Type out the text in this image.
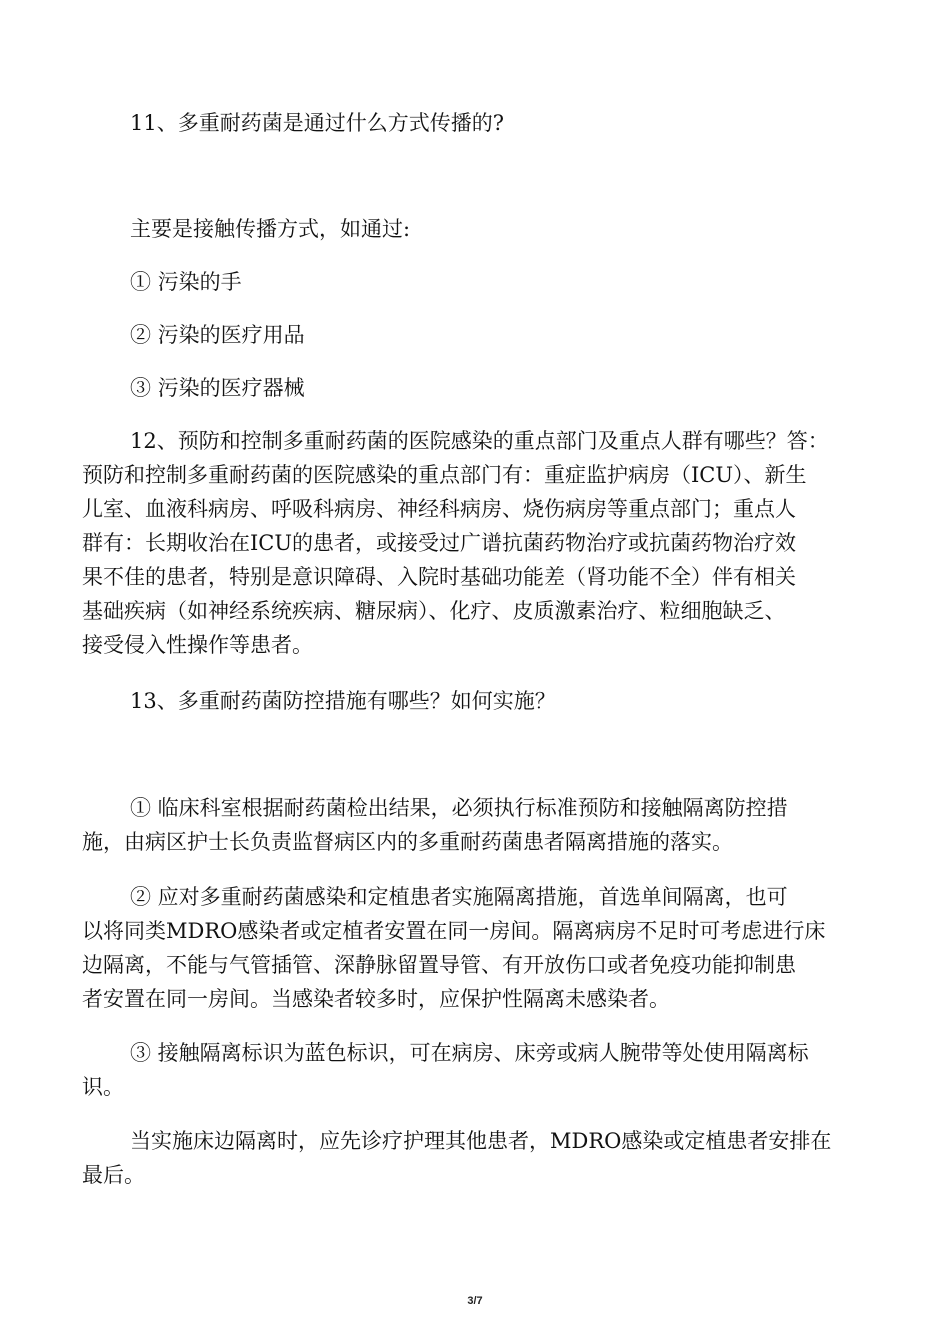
11、多重耐药菌是通过什么方式传播的?
主要是接触传播方式，如通过:
① 污染的手
② 污染的医疗用品
③ 污染的医疗器械
12、预防和控制多重耐药菌的医院感染的重点部门及重点人群有哪些？答：
预防和控制多重耐药菌的医院感染的重点部门有：重症监护病房（ICU）、新生
儿室、血液科病房、呼吸科病房、神经科病房、烧伤病房等重点部门；重点人
群有：长期收治在ICU的患者，或接受过广谱抗菌药物治疗或抗菌药物治疗效
果不佳的患者，特别是意识障碍、入院时基础功能差（肾功能不全）伴有相关
基础疾病（如神经系统疾病、糖尿病）、化疗、皮质激素治疗、粒细胞缺乏、
接受侵入性操作等患者。
13、多重耐药菌防控措施有哪些？如何实施？
① 临床科室根据耐药菌检出结果，必须执行标准预防和接触隔离防控措
施，由病区护士长负责监督病区内的多重耐药菌患者隔离措施的落实。
② 应对多重耐药菌感染和定植患者实施隔离措施，首选单间隔离，也可
以将同类MDRO感染者或定植者安置在同一房间。隔离病房不足时可考虑进行床
边隔离，不能与气管插管、深静脉留置导管、有开放伤口或者免疫功能抑制患
者安置在同一房间。当感染者较多时，应保护性隔离未感染者。
③ 接触隔离标识为蓝色标识，可在病房、床旁或病人腕带等处使用隔离标
识。
当实施床边隔离时，应先诊疗护理其他患者，MDRO感染或定植患者安排在
最后。
3/7
